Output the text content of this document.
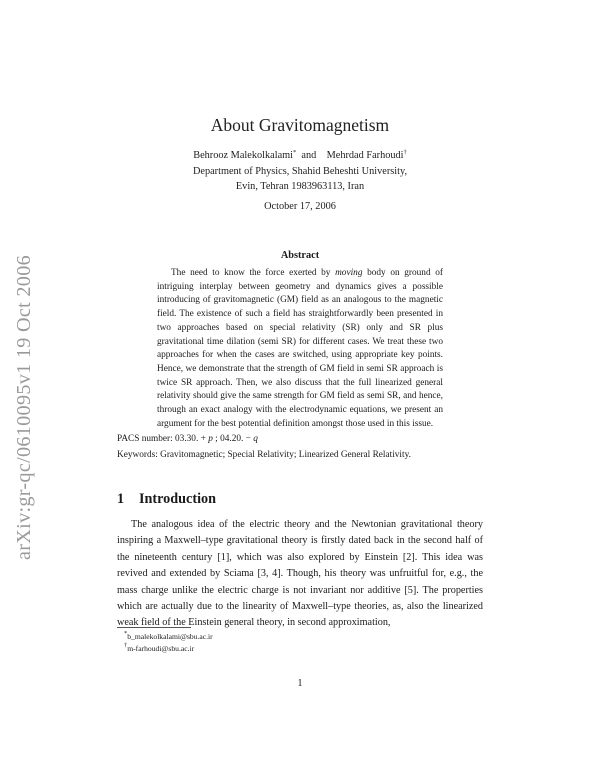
arXiv:gr-qc/0610095v1 19 Oct 2006
About Gravitomagnetism
Behrooz Malekolkalami* and Mehrdad Farhoudi†
Department of Physics, Shahid Beheshti University,
Evin, Tehran 1983963113, Iran
October 17, 2006
Abstract

The need to know the force exerted by moving body on ground of intriguing interplay between geometry and dynamics gives a possible introducing of gravitomagnetic (GM) field as an analogous to the magnetic field. The existence of such a field has straightforwardly been presented in two approaches based on special relativity (SR) only and SR plus gravitational time dilation (semi SR) for different cases. We treat these two approaches for when the cases are switched, using appropriate key points. Hence, we demonstrate that the strength of GM field in semi SR approach is twice SR approach. Then, we also discuss that the full linearized general relativity should give the same strength for GM field as semi SR, and hence, through an exact analogy with the electrodynamic equations, we present an argument for the best potential definition amongst those used in this issue.

PACS number: 03.30. + p ; 04.20. − q
Keywords: Gravitomagnetic; Special Relativity; Linearized General Relativity.
1 Introduction

The analogous idea of the electric theory and the Newtonian gravitational theory inspiring a Maxwell–type gravitational theory is firstly dated back in the second half of the nineteenth century [1], which was also explored by Einstein [2]. This idea was revived and extended by Sciama [3, 4]. Though, his theory was unfruitful for, e.g., the mass charge unlike the electric charge is not invariant nor additive [5]. The properties which are actually due to the linearity of Maxwell–type theories, as, also the linearized weak field of the Einstein general theory, in second approximation,

*b_malekolkalami@sbu.ac.ir
†m-farhoudi@sbu.ac.ir
1
